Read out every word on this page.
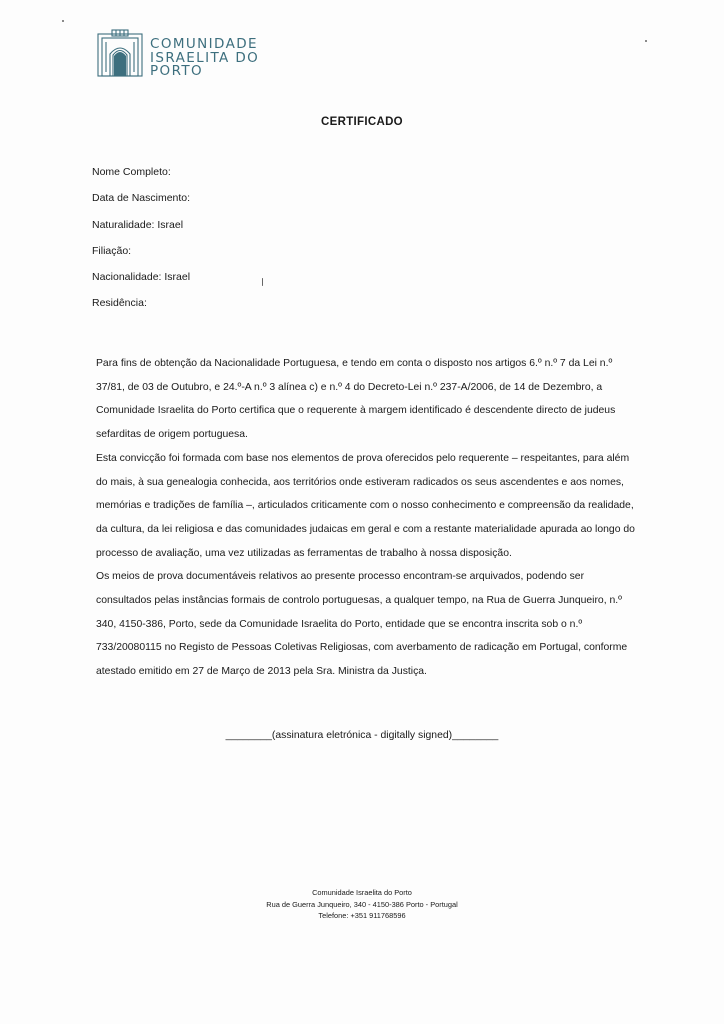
COMUNIDADE
ISRAELITA DO
PORTO
CERTIFICADO
Nome Completo:
Data de Nascimento:
Naturalidade: Israel
Filiação:
Nacionalidade: Israel
Residência:

Para fins de obtenção da Nacionalidade Portuguesa, e tendo em conta o disposto nos artigos 6.º n.º 7 da Lei n.º 37/81, de 03 de Outubro, e 24.º-A n.º 3 alínea c) e n.º 4 do Decreto-Lei n.º 237-A/2006, de 14 de Dezembro, a Comunidade Israelita do Porto certifica que o requerente à margem identificado é descendente directo de judeus sefarditas de origem portuguesa.

Esta convicção foi formada com base nos elementos de prova oferecidos pelo requerente – respeitantes, para além do mais, à sua genealogia conhecida, aos territórios onde estiveram radicados os seus ascendentes e aos nomes, memórias e tradições de família –, articulados criticamente com o nosso conhecimento e compreensão da realidade, da cultura, da lei religiosa e das comunidades judaicas em geral e com a restante materialidade apurada ao longo do processo de avaliação, uma vez utilizadas as ferramentas de trabalho à nossa disposição.

Os meios de prova documentáveis relativos ao presente processo encontram-se arquivados, podendo ser consultados pelas instâncias formais de controlo portuguesas, a qualquer tempo, na Rua de Guerra Junqueiro, n.º 340, 4150-386, Porto, sede da Comunidade Israelita do Porto, entidade que se encontra inscrita sob o n.º 733/20080115 no Registo de Pessoas Coletivas Religiosas, com averbamento de radicação em Portugal, conforme atestado emitido em 27 de Março de 2013 pela Sra. Ministra da Justiça.

________(assinatura eletrónica - digitally signed)________
Comunidade Israelita do Porto
Rua de Guerra Junqueiro, 340 - 4150-386 Porto - Portugal
Telefone: +351 911768596
